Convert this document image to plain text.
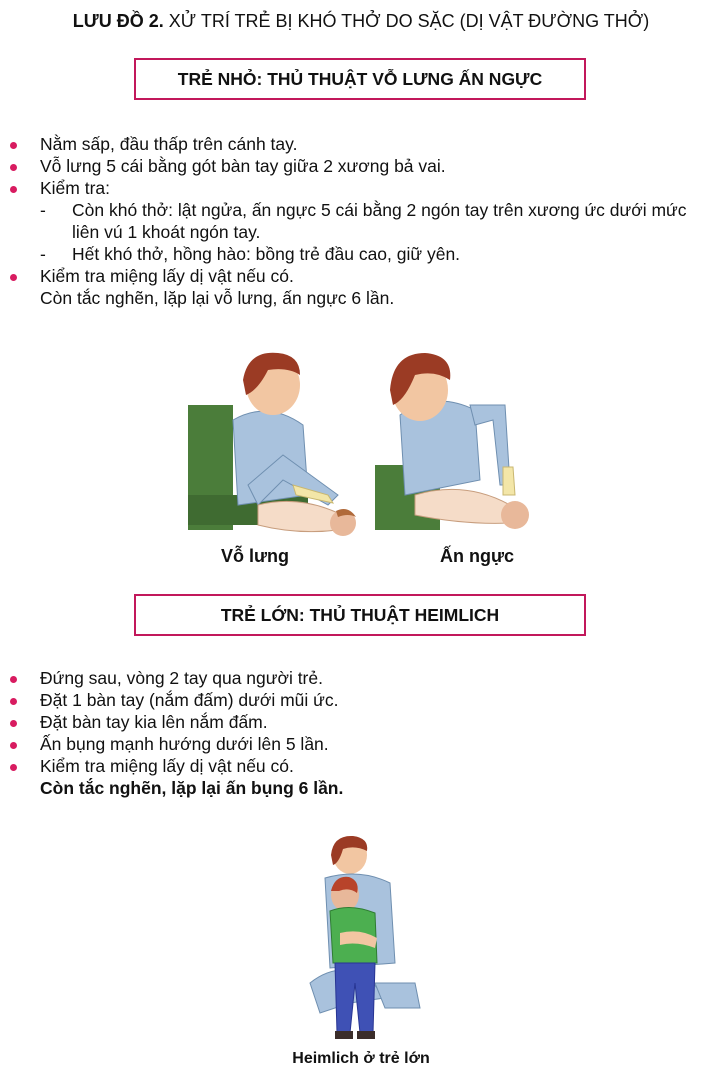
LƯU ĐỒ 2. XỬ TRÍ TRẺ BỊ KHÓ THỞ DO SẶC (DỊ VẬT ĐƯỜNG THỞ)
TRẺ NHỎ: THỦ THUẬT VỖ LƯNG ẤN NGỰC
Nằm sấp, đầu thấp trên cánh tay.
Vỗ lưng 5 cái bằng gót bàn tay giữa 2 xương bả vai.
Kiểm tra:
- Còn khó thở: lật ngửa, ấn ngực 5 cái bằng 2 ngón tay trên xương ức dưới mức liên vú 1 khoát ngón tay.
- Hết khó thở, hồng hào: bồng trẻ đầu cao, giữ yên.
Kiểm tra miệng lấy dị vật nếu có.
Còn tắc nghẽn, lặp lại vỗ lưng, ấn ngực 6 lần.
Vỗ lưng	Ấn ngực
TRẺ LỚN: THỦ THUẬT HEIMLICH
Đứng sau, vòng 2 tay qua người trẻ.
Đặt 1 bàn tay (nắm đấm) dưới mũi ức.
Đặt bàn tay kia lên nắm đấm.
Ấn bụng mạnh hướng dưới lên 5 lần.
Kiểm tra miệng lấy dị vật nếu có.
Còn tắc nghẽn, lặp lại ấn bụng 6 lần.
Heimlich ở trẻ lớn
